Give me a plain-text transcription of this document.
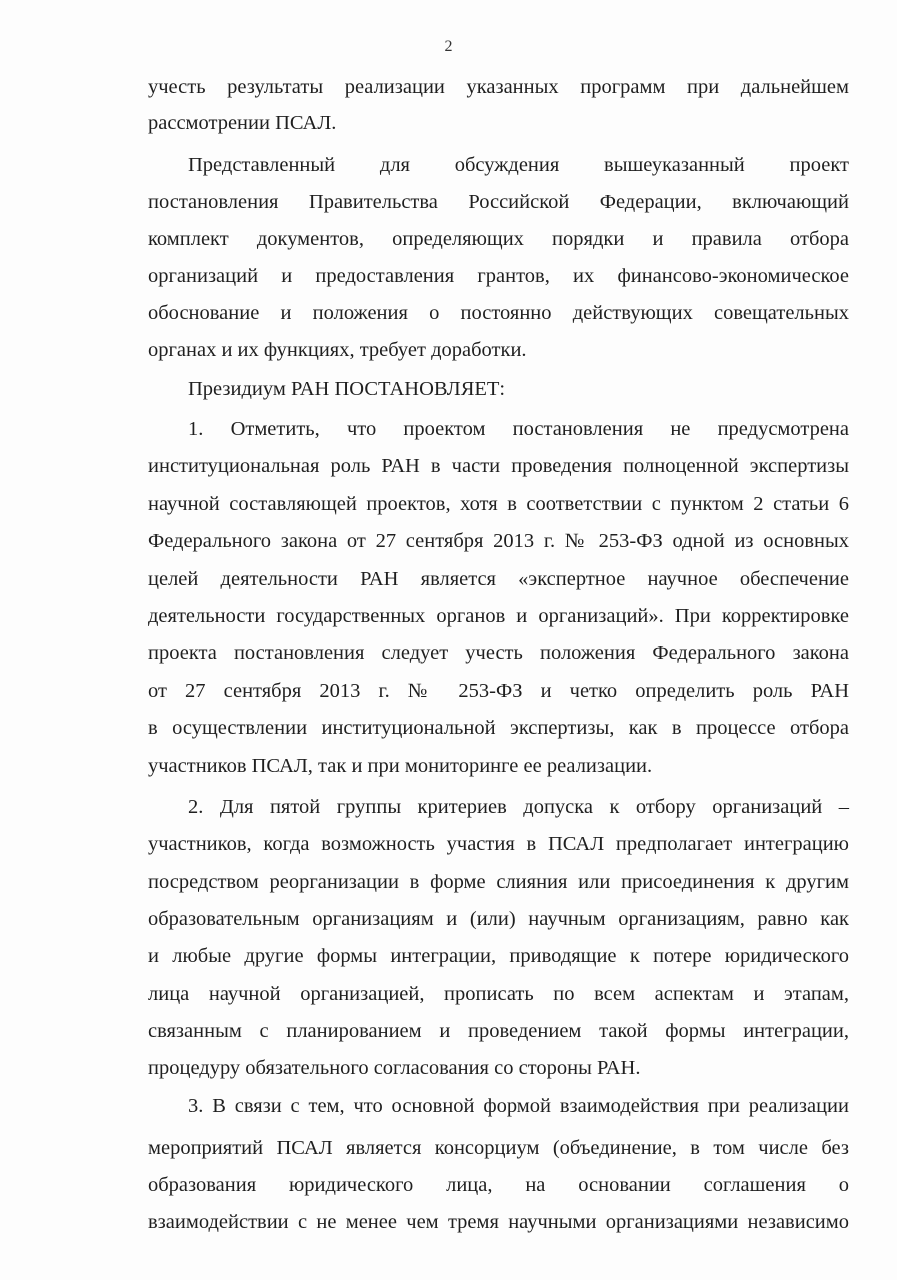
2
учесть результаты реализации указанных программ при дальнейшем
рассмотрении ПСАЛ.
Представленный для обсуждения вышеуказанный проект
постановления Правительства Российской Федерации, включающий
комплект документов, определяющих порядки и правила отбора
организаций и предоставления грантов, их финансово-экономическое
обоснование и положения о постоянно действующих совещательных
органах и их функциях, требует доработки.
Президиум РАН ПОСТАНОВЛЯЕТ:
1. Отметить, что проектом постановления не предусмотрена
институциональная роль РАН в части проведения полноценной экспертизы
научной составляющей проектов, хотя в соответствии с пунктом 2 статьи 6
Федерального закона от 27 сентября 2013 г. № 253-ФЗ одной из основных
целей деятельности РАН является «экспертное научное обеспечение
деятельности государственных органов и организаций». При корректировке
проекта постановления следует учесть положения Федерального закона
от 27 сентября 2013 г. № 253-ФЗ и четко определить роль РАН
в осуществлении институциональной экспертизы, как в процессе отбора
участников ПСАЛ, так и при мониторинге ее реализации.
2. Для пятой группы критериев допуска к отбору организаций –
участников, когда возможность участия в ПСАЛ предполагает интеграцию
посредством реорганизации в форме слияния или присоединения к другим
образовательным организациям и (или) научным организациям, равно как
и любые другие формы интеграции, приводящие к потере юридического
лица научной организацией, прописать по всем аспектам и этапам,
связанным с планированием и проведением такой формы интеграции,
процедуру обязательного согласования со стороны РАН.
3. В связи с тем, что основной формой взаимодействия при реализации
мероприятий ПСАЛ является консорциум (объединение, в том числе без
образования юридического лица, на основании соглашения о
взаимодействии с не менее чем тремя научными организациями независимо
